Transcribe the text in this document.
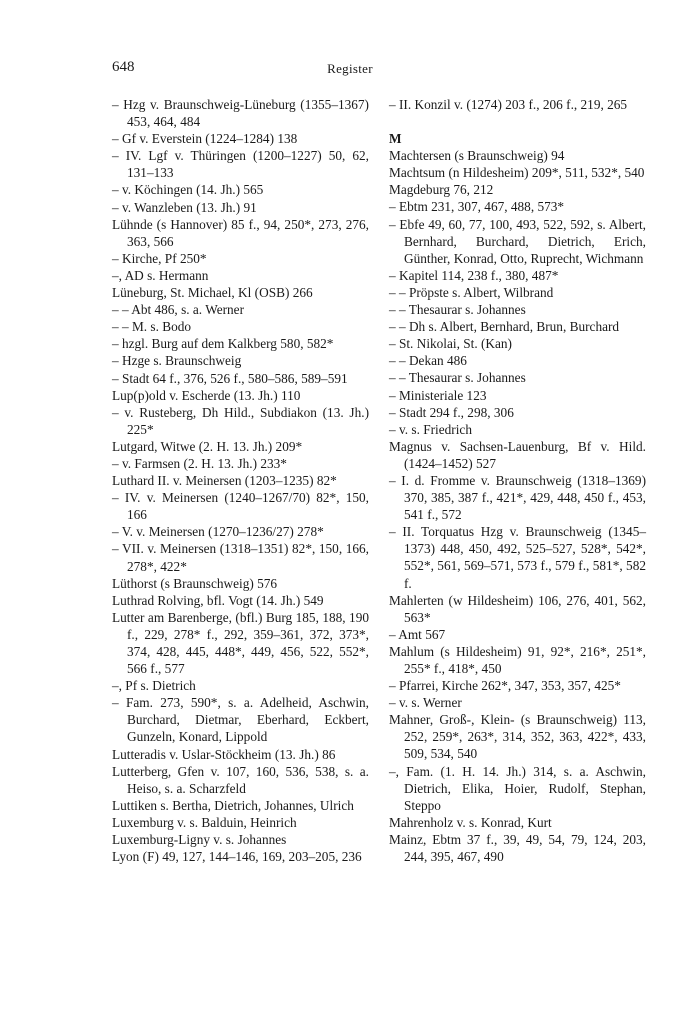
648	Register

– Hzg v. Braunschweig-Lüneburg (1355–1367) 453, 464, 484

– Gf v. Everstein (1224–1284) 138

– IV. Lgf v. Thüringen (1200–1227) 50, 62, 131–133

– v. Köchingen (14. Jh.) 565

– v. Wanzleben (13. Jh.) 91

Lühnde (s Hannover) 85 f., 94, 250*, 273, 276, 363, 566

– Kirche, Pf 250*

–, AD s. Hermann

Lüneburg, St. Michael, Kl (OSB) 266

– – Abt 486, s. a. Werner

– – M. s. Bodo

– hzgl. Burg auf dem Kalkberg 580, 582*

– Hzge s. Braunschweig

– Stadt 64 f., 376, 526 f., 580–586, 589–591

Lup(p)old v. Escherde (13. Jh.) 110

– v. Rusteberg, Dh Hild., Subdiakon (13. Jh.) 225*

Lutgard, Witwe (2. H. 13. Jh.) 209*

– v. Farmsen (2. H. 13. Jh.) 233*

Luthard II. v. Meinersen (1203–1235) 82*

– IV. v. Meinersen (1240–1267/70) 82*, 150, 166

– V. v. Meinersen (1270–1236/27) 278*

– VII. v. Meinersen (1318–1351) 82*, 150, 166, 278*, 422*

Lüthorst (s Braunschweig) 576

Luthrad Rolving, bfl. Vogt (14. Jh.) 549

Lutter am Barenberge, (bfl.) Burg 185, 188, 190 f., 229, 278* f., 292, 359–361, 372, 373*, 374, 428, 445, 448*, 449, 456, 522, 552*, 566 f., 577

–, Pf s. Dietrich

– Fam. 273, 590*, s. a. Adelheid, Aschwin, Burchard, Dietmar, Eberhard, Eckbert, Gunzeln, Konard, Lippold

Lutteradis v. Uslar-Stöckheim (13. Jh.) 86

Lutterberg, Gfen v. 107, 160, 536, 538, s. a. Heiso, s. a. Scharzfeld

Luttiken s. Bertha, Dietrich, Johannes, Ulrich

Luxemburg v. s. Balduin, Heinrich

Luxemburg-Ligny v. s. Johannes

Lyon (F) 49, 127, 144–146, 169, 203–205, 236

– II. Konzil v. (1274) 203 f., 206 f., 219, 265

M

Machtersen (s Braunschweig) 94

Machtsum (n Hildesheim) 209*, 511, 532*, 540

Magdeburg 76, 212

– Ebtm 231, 307, 467, 488, 573*

– Ebfe 49, 60, 77, 100, 493, 522, 592, s. Albert, Bernhard, Burchard, Dietrich, Erich, Günther, Konrad, Otto, Ruprecht, Wichmann

– Kapitel 114, 238 f., 380, 487*

– – Pröpste s. Albert, Wilbrand

– – Thesaurar s. Johannes

– – Dh s. Albert, Bernhard, Brun, Burchard

– St. Nikolai, St. (Kan)

– – Dekan 486

– – Thesaurar s. Johannes

– Ministeriale 123

– Stadt 294 f., 298, 306

– v. s. Friedrich

Magnus v. Sachsen-Lauenburg, Bf v. Hild. (1424–1452) 527

– I. d. Fromme v. Braunschweig (1318–1369) 370, 385, 387 f., 421*, 429, 448, 450 f., 453, 541 f., 572

– II. Torquatus Hzg v. Braunschweig (1345–1373) 448, 450, 492, 525–527, 528*, 542*, 552*, 561, 569–571, 573 f., 579 f., 581*, 582 f.

Mahlerten (w Hildesheim) 106, 276, 401, 562, 563*

– Amt 567

Mahlum (s Hildesheim) 91, 92*, 216*, 251*, 255* f., 418*, 450

– Pfarrei, Kirche 262*, 347, 353, 357, 425*

– v. s. Werner

Mahner, Groß-, Klein- (s Braunschweig) 113, 252, 259*, 263*, 314, 352, 363, 422*, 433, 509, 534, 540

–, Fam. (1. H. 14. Jh.) 314, s. a. Aschwin, Dietrich, Elika, Hoier, Rudolf, Stephan, Steppo

Mahrenholz v. s. Konrad, Kurt

Mainz, Ebtm 37 f., 39, 49, 54, 79, 124, 203, 244, 395, 467, 490
